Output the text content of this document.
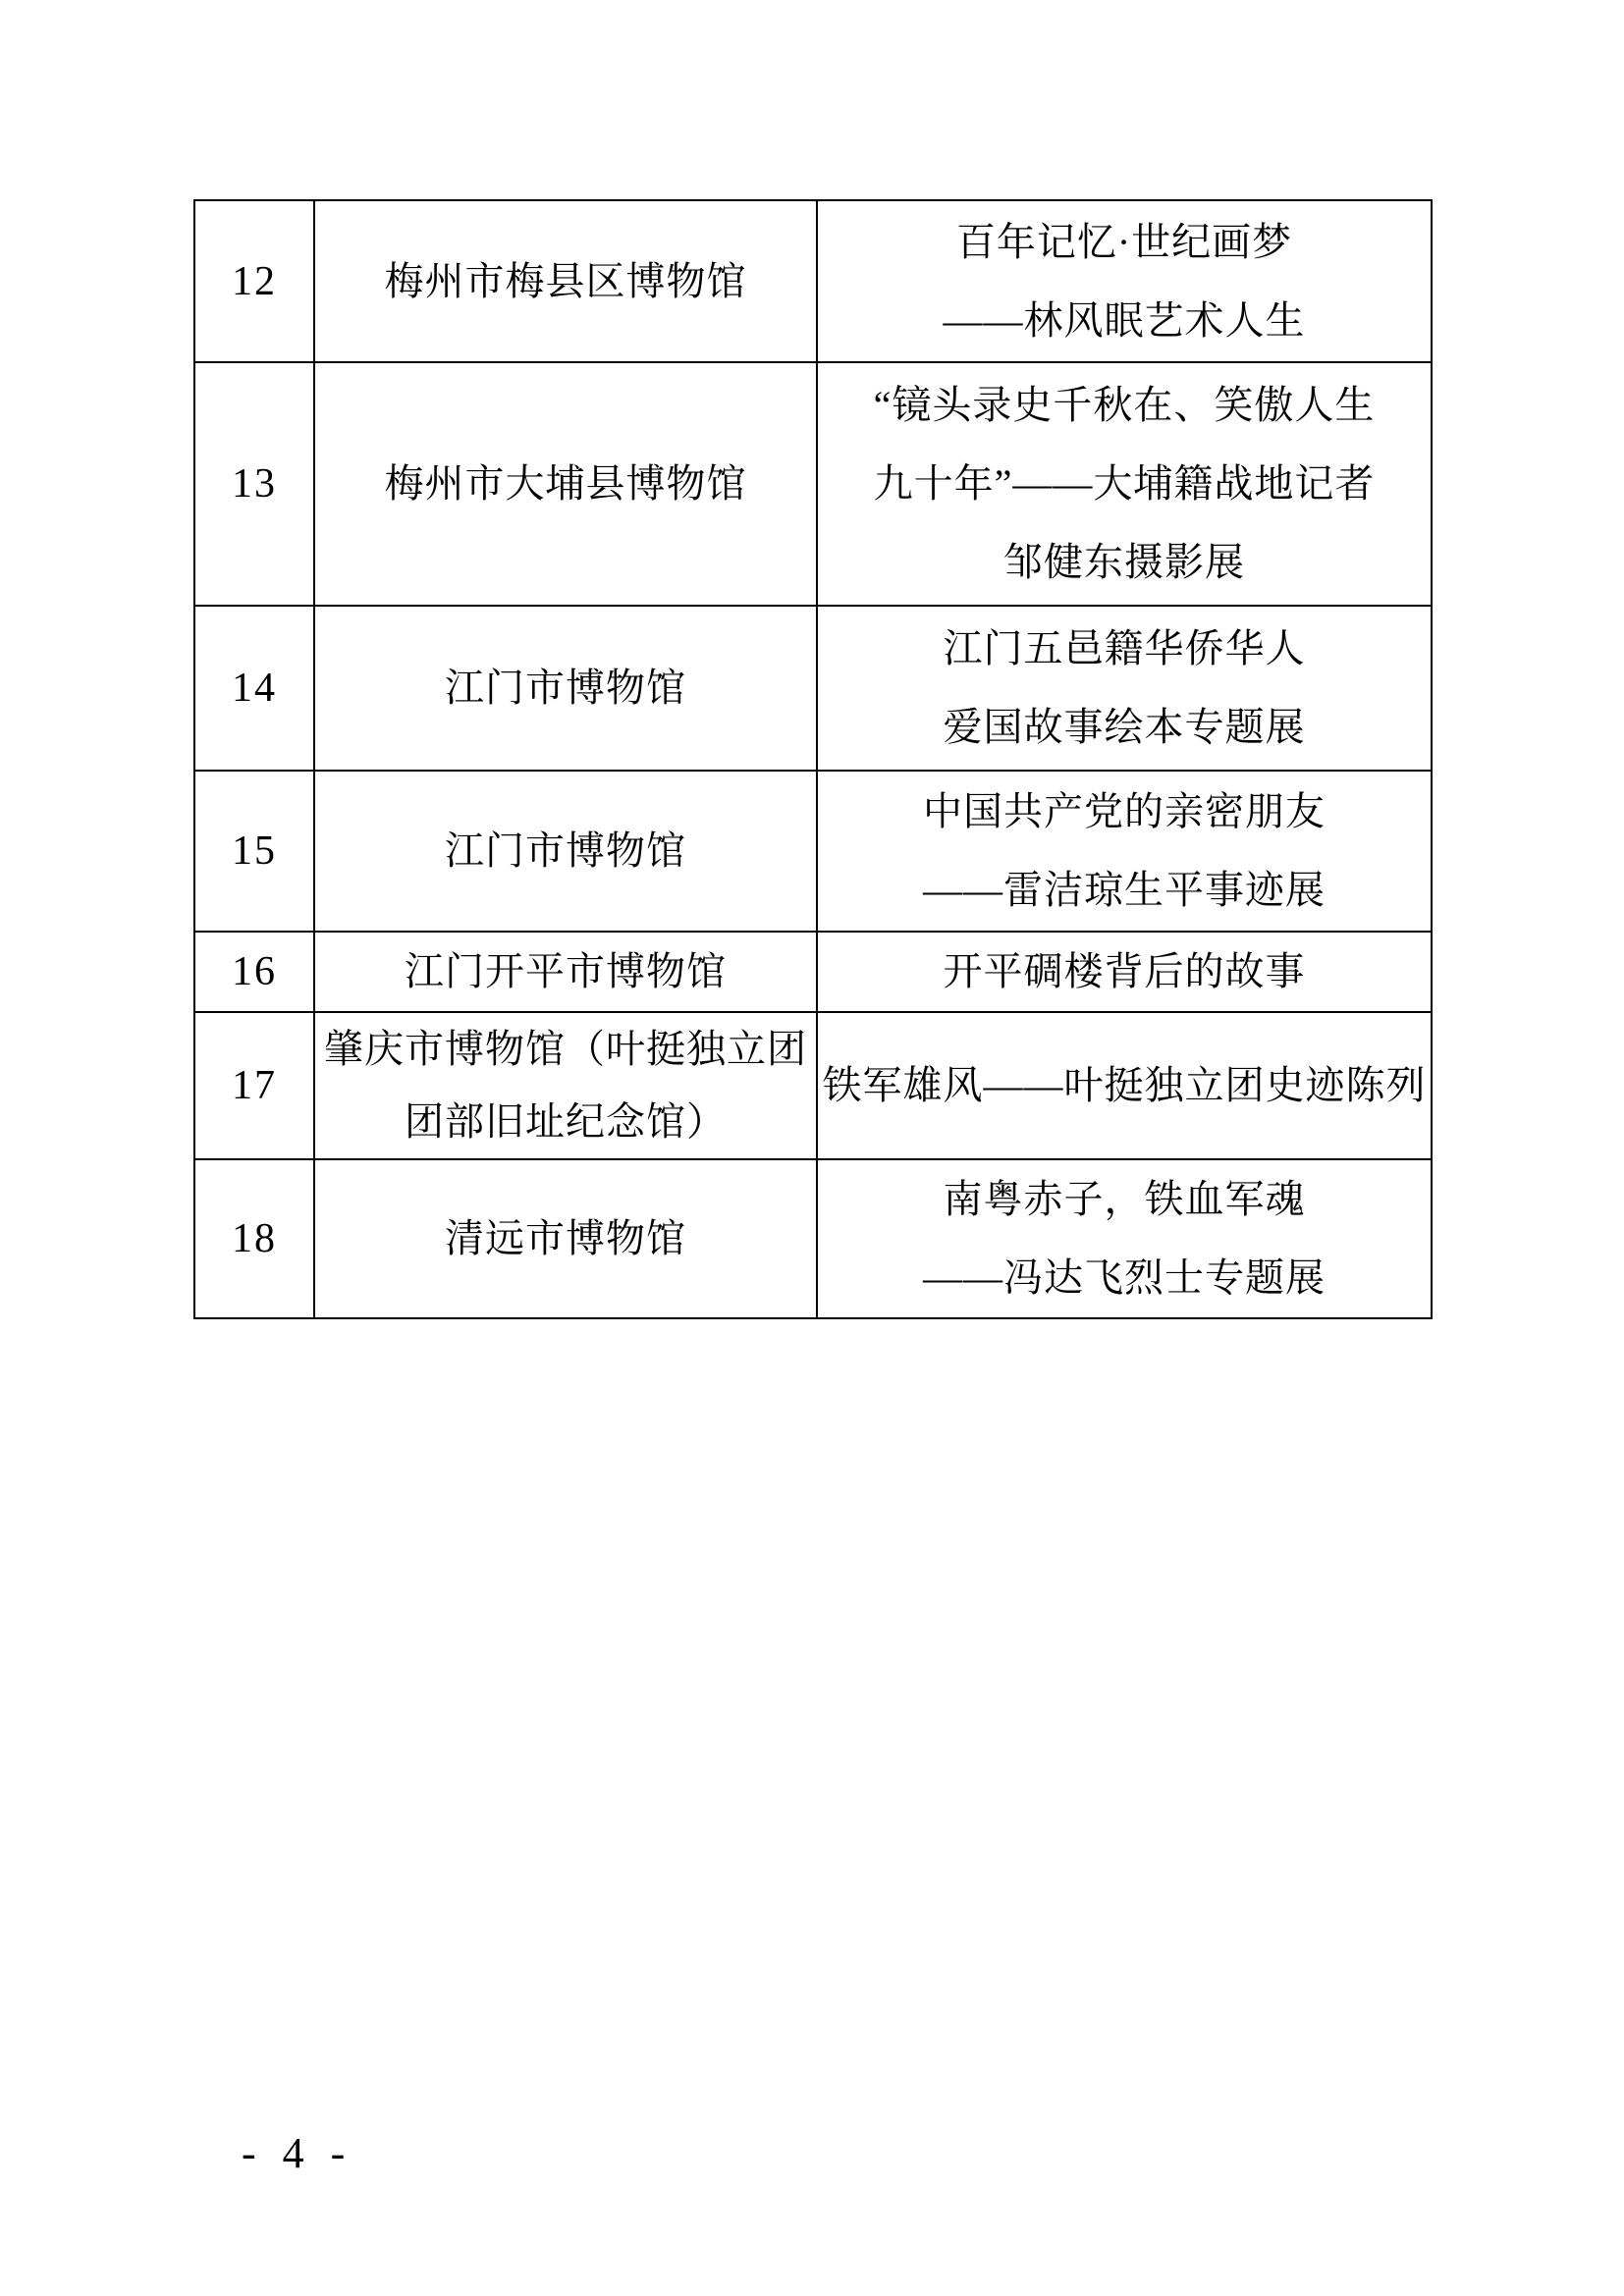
12	梅州市梅县区博物馆	百年记忆·世纪画梦
——林风眠艺术人生

13	梅州市大埔县博物馆	“镜头录史千秋在、笑傲人生
九十年”——大埔籍战地记者
邹健东摄影展

14	江门市博物馆	江门五邑籍华侨华人
爱国故事绘本专题展

15	江门市博物馆	中国共产党的亲密朋友
——雷洁琼生平事迹展

16	江门开平市博物馆	开平碉楼背后的故事

17	肇庆市博物馆（叶挺独立团
团部旧址纪念馆）	铁军雄风——叶挺独立团史迹陈列

18	清远市博物馆	南粤赤子，铁血军魂
——冯达飞烈士专题展
- 4 -
